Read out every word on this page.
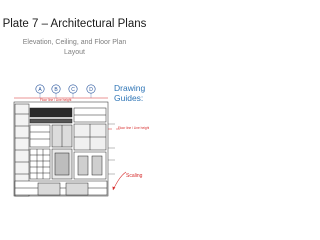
Plate 7 – Architectural Plans
Elevation, Ceiling, and Floor Plan
Layout
A	B	C	D
Floor line / Line height
Drawing
Guides:
Floor line / Line height
Scaling
